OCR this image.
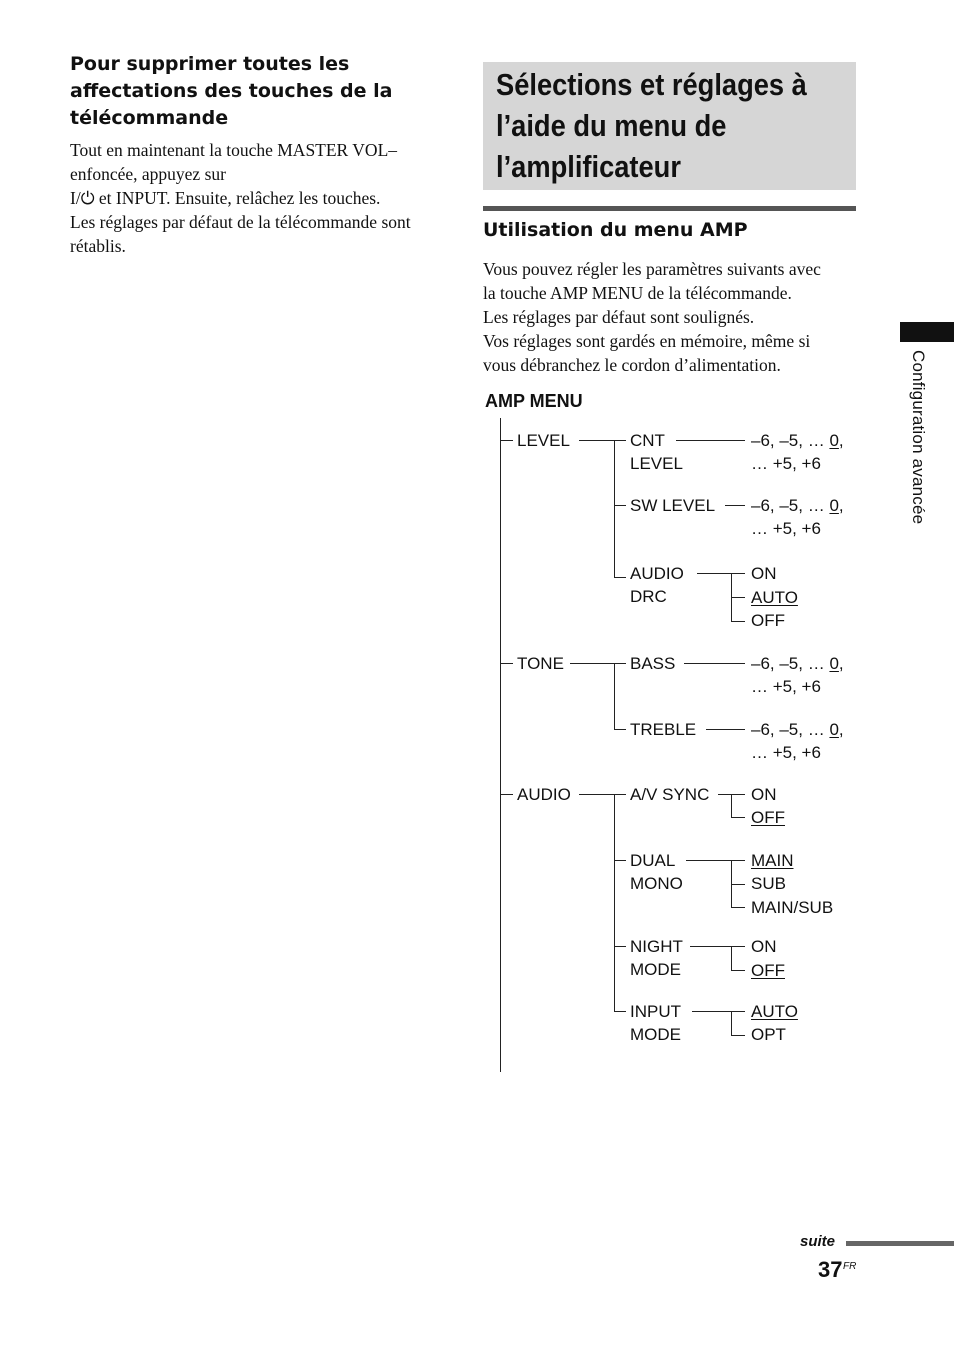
Pour supprimer toutes les
affectations des touches de la
télécommande
Tout en maintenant la touche MASTER VOL–
enfoncée, appuyez sur
I/⏻ et INPUT. Ensuite, relâchez les touches.
Les réglages par défaut de la télécommande sont
rétablis.
Sélections et réglages à
l’aide du menu de
l’amplificateur
Utilisation du menu AMP
Vous pouvez régler les paramètres suivants avec
la touche AMP MENU de la télécommande.
Les réglages par défaut sont soulignés.
Vos réglages sont gardés en mémoire, même si
vous débranchez le cordon d’alimentation.
AMP MENU
LEVEL
TONE
AUDIO
CNT
LEVEL
SW LEVEL
AUDIO
DRC
BASS
TREBLE
A/V SYNC
DUAL
MONO
NIGHT
MODE
INPUT
MODE
–6, –5, … 0,
… +5, +6
–6, –5, … 0,
… +5, +6
–6, –5, … 0,
… +5, +6
–6, –5, … 0,
… +5, +6
ON
AUTO
OFF
ON
OFF
MAIN
SUB
MAIN/SUB
ON
OFF
AUTO
OPT
Configuration avancée
suite
37 FR
